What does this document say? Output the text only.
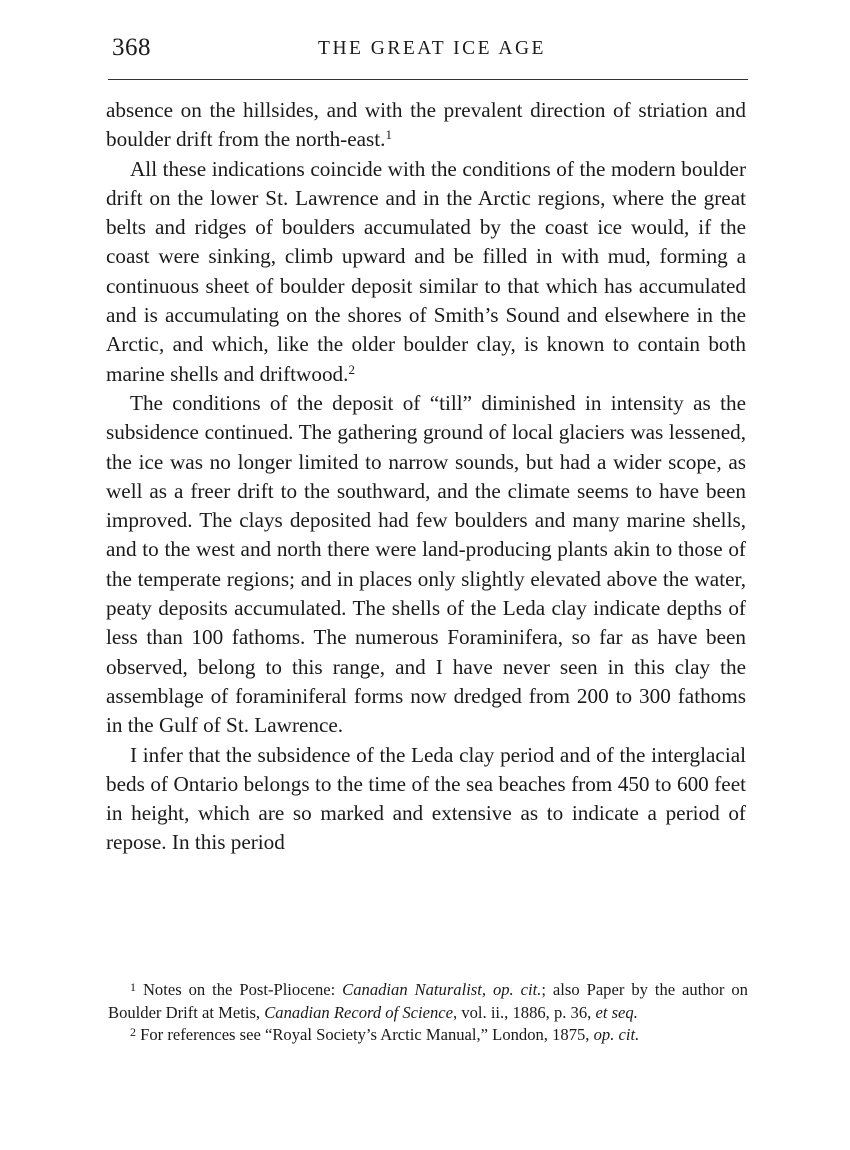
368	THE GREAT ICE AGE

absence on the hillsides, and with the prevalent direction of striation and boulder drift from the north-east.$^1$

All these indications coincide with the conditions of the modern boulder drift on the lower St. Lawrence and in the Arctic regions, where the great belts and ridges of boulders accumulated by the coast ice would, if the coast were sinking, climb upward and be filled in with mud, forming a continuous sheet of boulder deposit similar to that which has accumulated and is accumulating on the shores of Smith’s Sound and elsewhere in the Arctic, and which, like the older boulder clay, is known to contain both marine shells and driftwood.$^2$

The conditions of the deposit of “till” diminished in intensity as the subsidence continued. The gathering ground of local glaciers was lessened, the ice was no longer limited to narrow sounds, but had a wider scope, as well as a freer drift to the southward, and the climate seems to have been improved. The clays deposited had few boulders and many marine shells, and to the west and north there were land-producing plants akin to those of the temperate regions; and in places only slightly elevated above the water, peaty deposits accumulated. The shells of the Leda clay indicate depths of less than 100 fathoms. The numerous Foraminifera, so far as have been observed, belong to this range, and I have never seen in this clay the assemblage of foraminiferal forms now dredged from 200 to 300 fathoms in the Gulf of St. Lawrence.

I infer that the subsidence of the Leda clay period and of the interglacial beds of Ontario belongs to the time of the sea beaches from 450 to 600 feet in height, which are so marked and extensive as to indicate a period of repose. In this period

$^1$ Notes on the Post-Pliocene: Canadian Naturalist, op. cit.; also Paper by the author on Boulder Drift at Metis, Canadian Record of Science, vol. ii., 1886, p. 36, et seq.

$^2$ For references see “Royal Society’s Arctic Manual,” London, 1875, op. cit.
